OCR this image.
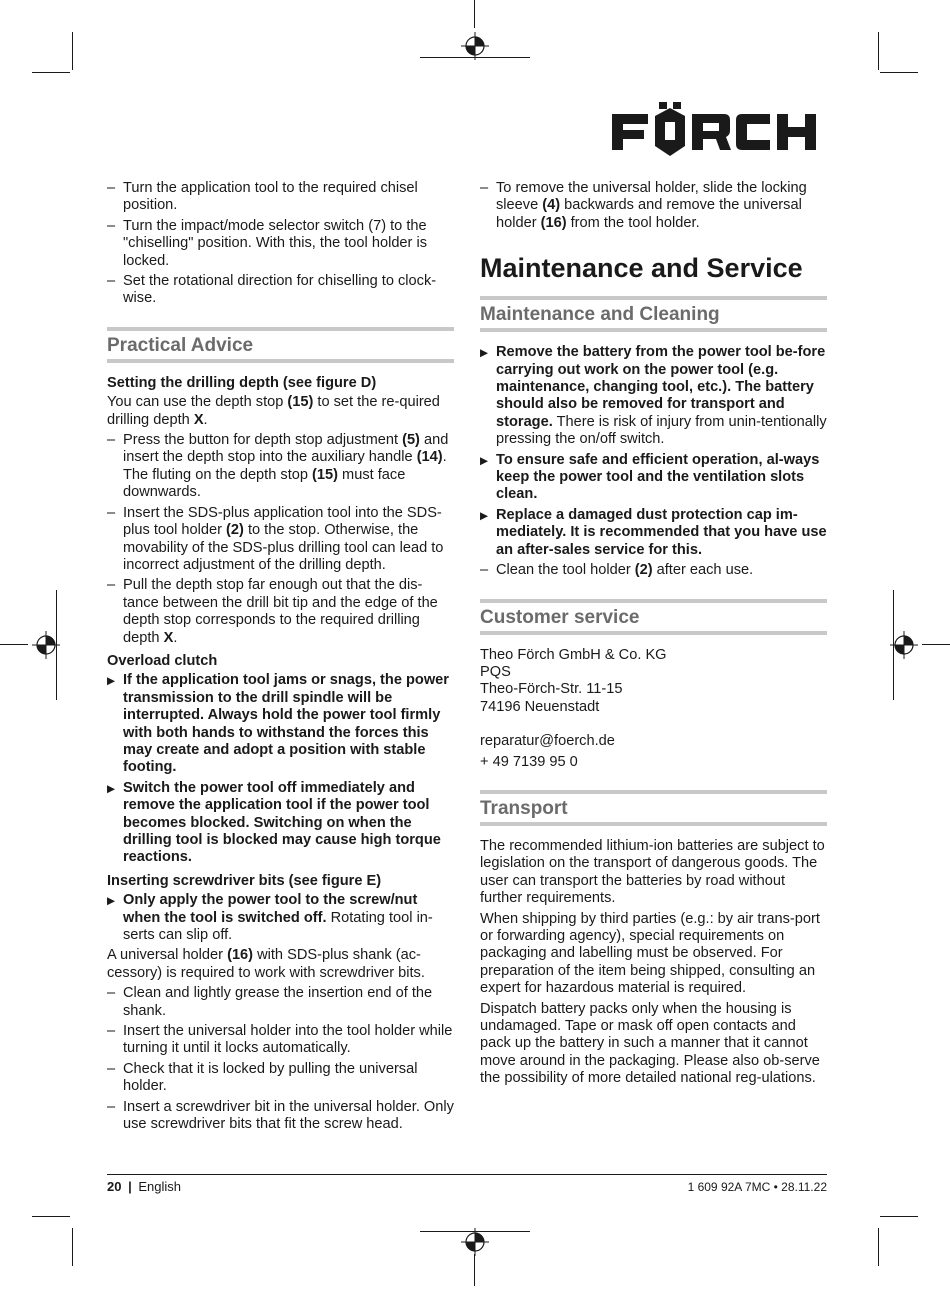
– Turn the application tool to the required chisel position.

– Turn the impact/mode selector switch (7) to the "chiselling" position. With this, the tool holder is locked.

– Set the rotational direction for chiselling to clock-wise.

Practical Advice

Setting the drilling depth (see figure D)

You can use the depth stop (15) to set the re-quired drilling depth X.

– Press the button for depth stop adjustment (5) and insert the depth stop into the auxiliary handle (14).
The fluting on the depth stop (15) must face downwards.

– Insert the SDS-plus application tool into the SDS-plus tool holder (2) to the stop. Otherwise, the movability of the SDS-plus drilling tool can lead to incorrect adjustment of the drilling depth.

– Pull the depth stop far enough out that the dis-tance between the drill bit tip and the edge of the depth stop corresponds to the required drilling depth X.

Overload clutch

▶ If the application tool jams or snags, the power transmission to the drill spindle will be interrupted. Always hold the power tool firmly with both hands to withstand the forces this may create and adopt a position with stable footing.

▶ Switch the power tool off immediately and remove the application tool if the power tool becomes blocked. Switching on when the drilling tool is blocked may cause high torque reactions.

Inserting screwdriver bits (see figure E)

▶ Only apply the power tool to the screw/nut when the tool is switched off. Rotating tool in-serts can slip off.

A universal holder (16) with SDS-plus shank (ac-cessory) is required to work with screwdriver bits.

– Clean and lightly grease the insertion end of the shank.

– Insert the universal holder into the tool holder while turning it until it locks automatically.

– Check that it is locked by pulling the universal holder.

– Insert a screwdriver bit in the universal holder. Only use screwdriver bits that fit the screw head.

– To remove the universal holder, slide the locking sleeve (4) backwards and remove the universal holder (16) from the tool holder.

Maintenance and Service
Maintenance and Cleaning

▶ Remove the battery from the power tool be-fore carrying out work on the power tool (e.g. maintenance, changing tool, etc.). The battery should also be removed for transport and storage. There is risk of injury from unin-tentionally pressing the on/off switch.

▶ To ensure safe and efficient operation, al-ways keep the power tool and the ventilation slots clean.

▶ Replace a damaged dust protection cap im-mediately. It is recommended that you have use an after-sales service for this.

– Clean the tool holder (2) after each use.

Customer service

Theo Förch GmbH & Co. KG

PQS

Theo-Förch-Str. 11-15

74196 Neuenstadt

reparatur@foerch.de

+ 49 7139 95 0

Transport

The recommended lithium-ion batteries are subject to legislation on the transport of dangerous goods. The user can transport the batteries by road without further requirements.

When shipping by third parties (e.g.: by air trans-port or forwarding agency), special requirements on packaging and labelling must be observed. For preparation of the item being shipped, consulting an expert for hazardous material is required.

Dispatch battery packs only when the housing is undamaged. Tape or mask off open contacts and pack up the battery in such a manner that it cannot move around in the packaging. Please also ob-serve the possibility of more detailed national reg-ulations.

20 | English	1 609 92A 7MC • 28.11.22
